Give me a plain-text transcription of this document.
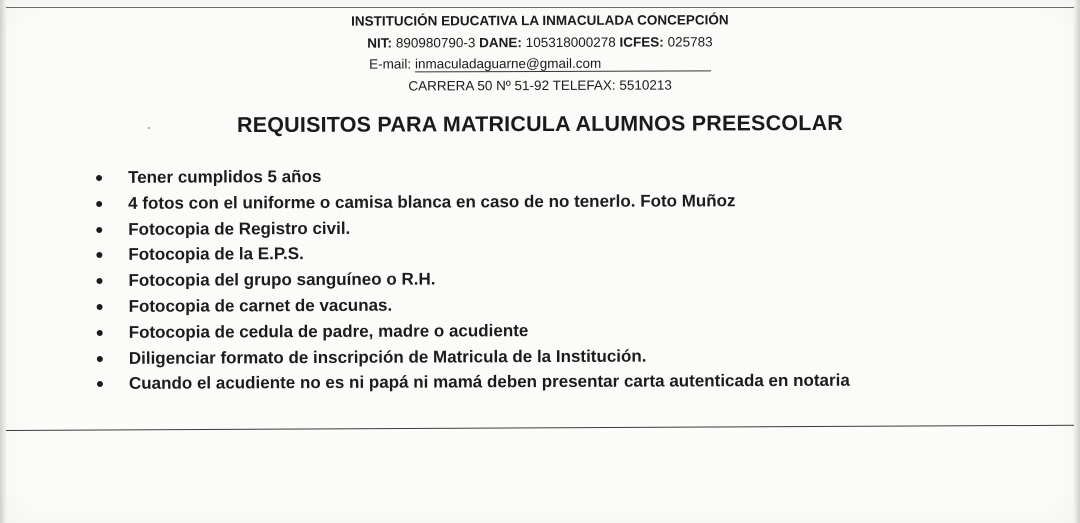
INSTITUCIÓN EDUCATIVA LA INMACULADA CONCEPCIÓN
NIT: 890980790-3 DANE: 105318000278 ICFES: 025783
E-mail: inmaculadaguarne@gmail.com
CARRERA 50 Nº 51-92 TELEFAX: 5510213
REQUISITOS PARA MATRICULA ALUMNOS PREESCOLAR
Tener cumplidos 5 años
4 fotos con el uniforme o camisa blanca en caso de no tenerlo. Foto Muñoz
Fotocopia de Registro civil.
Fotocopia de la E.P.S.
Fotocopia del grupo sanguíneo o R.H.
Fotocopia de carnet de vacunas.
Fotocopia de cedula de padre, madre o acudiente
Diligenciar formato de inscripción de Matricula de la Institución.
Cuando el acudiente no es ni papá ni mamá deben presentar carta autenticada en notaria
